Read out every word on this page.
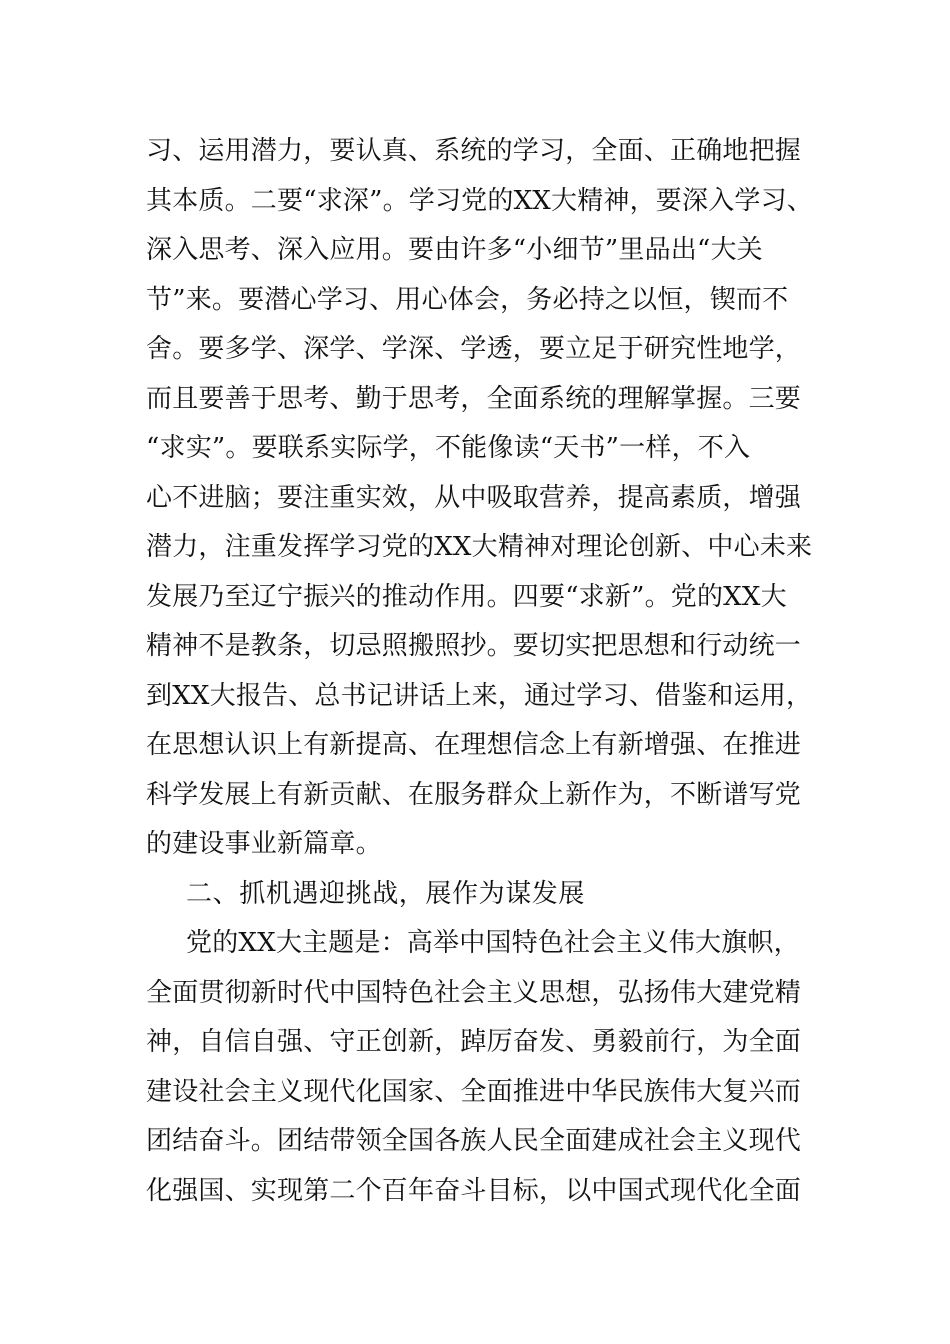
习、运用潜力，要认真、系统的学习，全面、正确地把握
其本质。二要“求深”。学习党的XX大精神，要深入学习、
深入思考、深入应用。要由许多“小细节”里品出“大关
节”来。要潜心学习、用心体会，务必持之以恒，锲而不
舍。要多学、深学、学深、学透，要立足于研究性地学，
而且要善于思考、勤于思考，全面系统的理解掌握。三要
“求实”。要联系实际学，不能像读“天书”一样，不入
心不进脑；要注重实效，从中吸取营养，提高素质，增强
潜力，注重发挥学习党的XX大精神对理论创新、中心未来
发展乃至辽宁振兴的推动作用。四要“求新”。党的XX大
精神不是教条，切忌照搬照抄。要切实把思想和行动统一
到XX大报告、总书记讲话上来，通过学习、借鉴和运用，
在思想认识上有新提高、在理想信念上有新增强、在推进
科学发展上有新贡献、在服务群众上新作为，不断谱写党
的建设事业新篇章。
二、抓机遇迎挑战，展作为谋发展
党的XX大主题是：高举中国特色社会主义伟大旗帜，
全面贯彻新时代中国特色社会主义思想，弘扬伟大建党精
神，自信自强、守正创新，踔厉奋发、勇毅前行，为全面
建设社会主义现代化国家、全面推进中华民族伟大复兴而
团结奋斗。团结带领全国各族人民全面建成社会主义现代
化强国、实现第二个百年奋斗目标，以中国式现代化全面
